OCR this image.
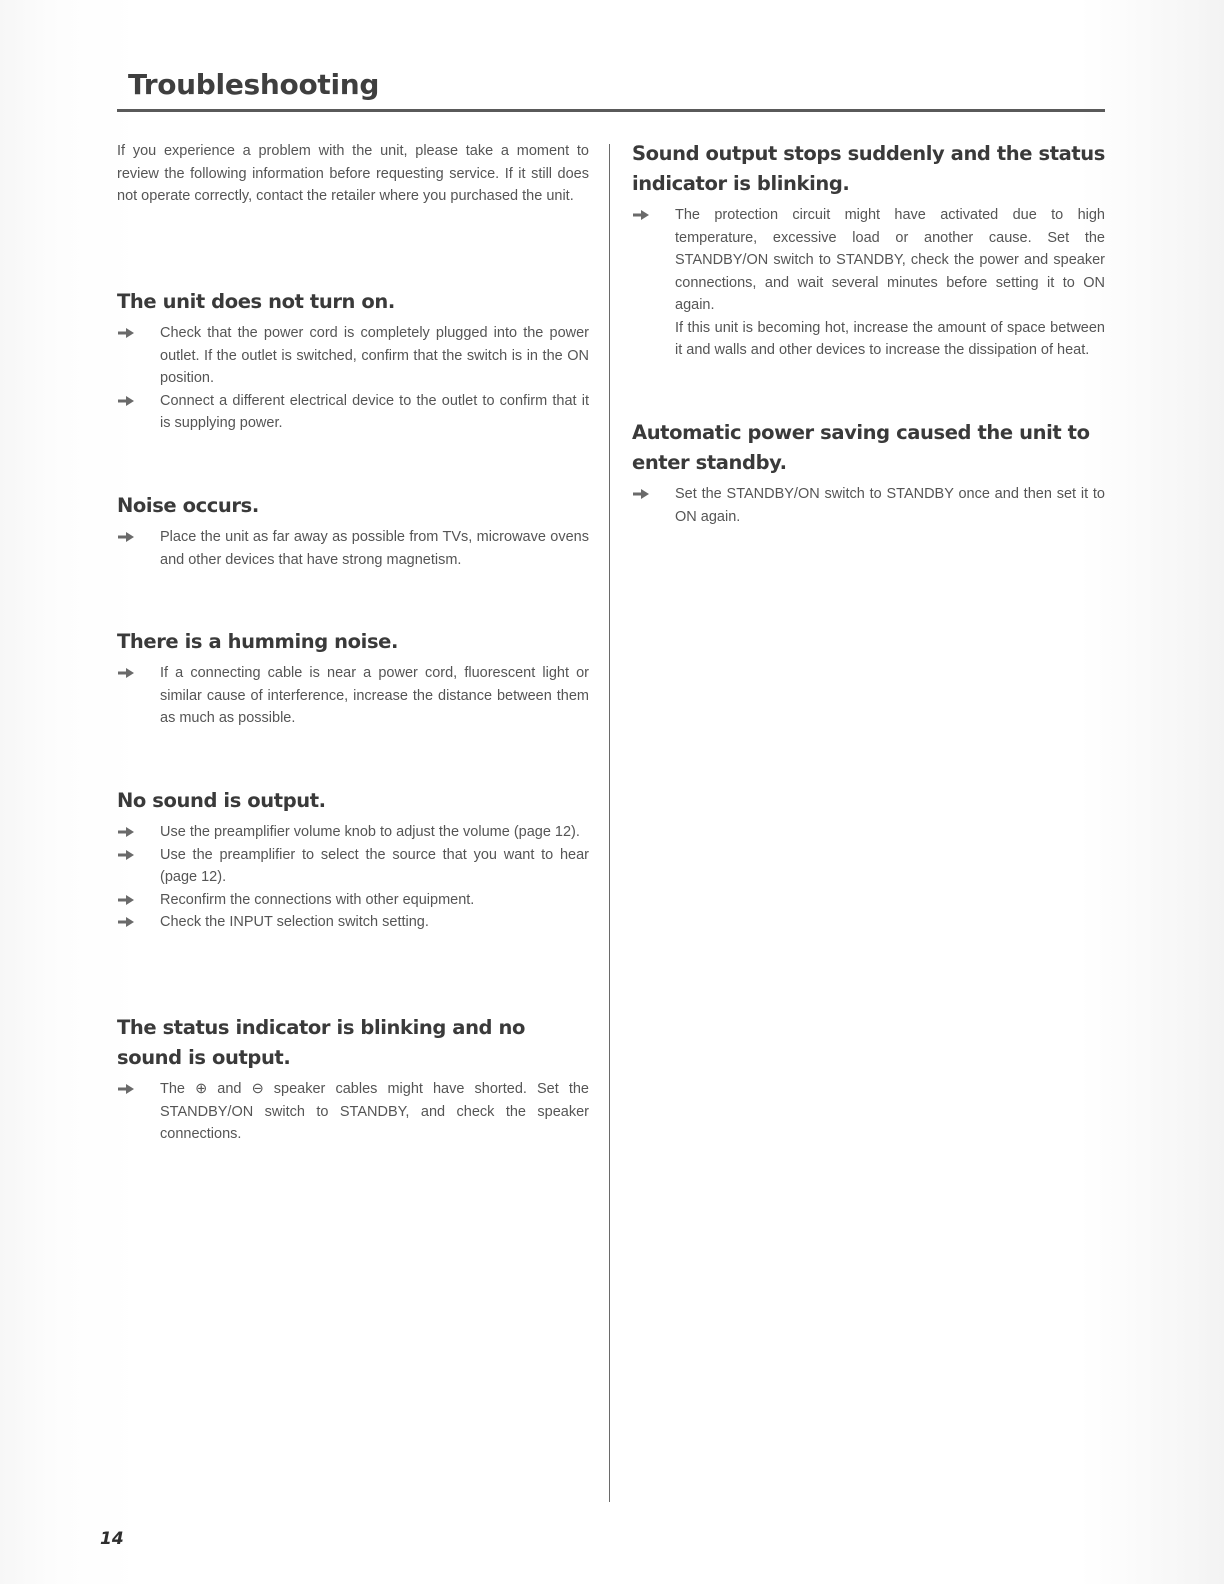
Troubleshooting

If you experience a problem with the unit, please take a moment to review the following information before requesting service. If it still does not operate correctly, contact the retailer where you purchased the unit.

The unit does not turn on.
Check that the power cord is completely plugged into the power outlet. If the outlet is switched, confirm that the switch is in the ON position.
Connect a different electrical device to the outlet to confirm that it is supplying power.
Noise occurs.
Place the unit as far away as possible from TVs, microwave ovens and other devices that have strong magnetism.
There is a humming noise.
If a connecting cable is near a power cord, fluorescent light or similar cause of interference, increase the distance between them as much as possible.
No sound is output.
Use the preamplifier volume knob to adjust the volume (page 12).
Use the preamplifier to select the source that you want to hear (page 12).
Reconfirm the connections with other equipment.
Check the INPUT selection switch setting.
The status indicator is blinking and no sound is output.
The ⊕ and ⊖ speaker cables might have shorted. Set the STANDBY/ON switch to STANDBY, and check the speaker connections.
Sound output stops suddenly and the status indicator is blinking.
The protection circuit might have activated due to high temperature, excessive load or another cause. Set the STANDBY/ON switch to STANDBY, check the power and speaker connections, and wait several minutes before setting it to ON again.
If this unit is becoming hot, increase the amount of space between it and walls and other devices to increase the dissipation of heat.
Automatic power saving caused the unit to enter standby.
Set the STANDBY/ON switch to STANDBY once and then set it to ON again.
14
